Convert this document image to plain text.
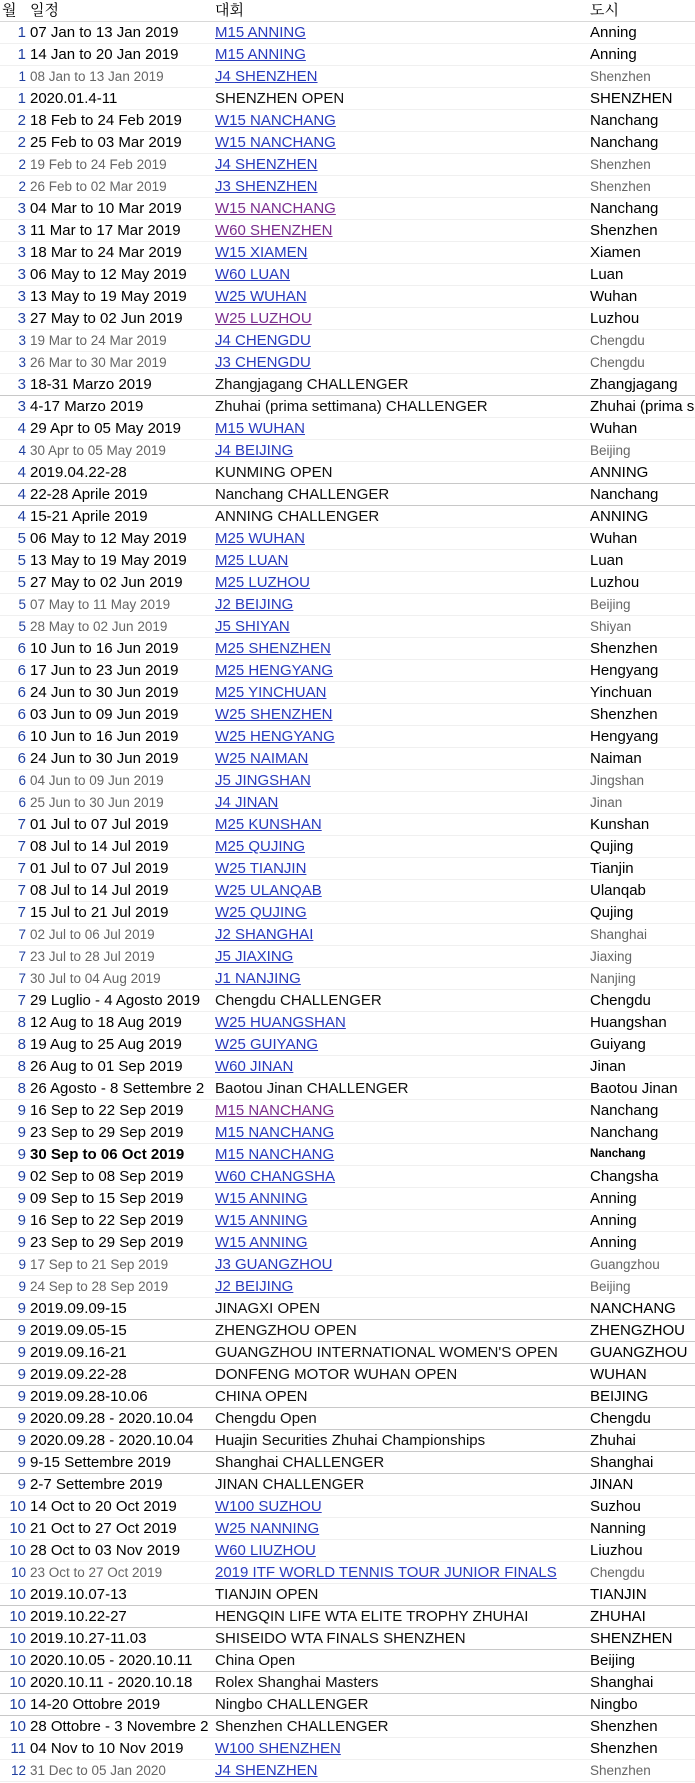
월	일정	대회	도시
1	07 Jan to 13 Jan 2019	M15 ANNING	Anning
1	14 Jan to 20 Jan 2019	M15 ANNING	Anning
1	08 Jan to 13 Jan 2019	J4 SHENZHEN	Shenzhen
1	2020.01.4-11	SHENZHEN OPEN	SHENZHEN
2	18 Feb to 24 Feb 2019	W15 NANCHANG	Nanchang
2	25 Feb to 03 Mar 2019	W15 NANCHANG	Nanchang
2	19 Feb to 24 Feb 2019	J4 SHENZHEN	Shenzhen
2	26 Feb to 02 Mar 2019	J3 SHENZHEN	Shenzhen
3	04 Mar to 10 Mar 2019	W15 NANCHANG	Nanchang
3	11 Mar to 17 Mar 2019	W60 SHENZHEN	Shenzhen
3	18 Mar to 24 Mar 2019	W15 XIAMEN	Xiamen
3	06 May to 12 May 2019	W60 LUAN	Luan
3	13 May to 19 May 2019	W25 WUHAN	Wuhan
3	27 May to 02 Jun 2019	W25 LUZHOU	Luzhou
3	19 Mar to 24 Mar 2019	J4 CHENGDU	Chengdu
3	26 Mar to 30 Mar 2019	J3 CHENGDU	Chengdu
3	18-31 Marzo 2019	Zhangjagang CHALLENGER	Zhangjagang
3	4-17 Marzo 2019	Zhuhai (prima settimana) CHALLENGER	Zhuhai (prima s
4	29 Apr to 05 May 2019	M15 WUHAN	Wuhan
4	30 Apr to 05 May 2019	J4 BEIJING	Beijing
4	2019.04.22-28	KUNMING OPEN	ANNING
4	22-28 Aprile 2019	Nanchang CHALLENGER	Nanchang
4	15-21 Aprile 2019	ANNING CHALLENGER	ANNING
5	06 May to 12 May 2019	M25 WUHAN	Wuhan
5	13 May to 19 May 2019	M25 LUAN	Luan
5	27 May to 02 Jun 2019	M25 LUZHOU	Luzhou
5	07 May to 11 May 2019	J2 BEIJING	Beijing
5	28 May to 02 Jun 2019	J5 SHIYAN	Shiyan
6	10 Jun to 16 Jun 2019	M25 SHENZHEN	Shenzhen
6	17 Jun to 23 Jun 2019	M25 HENGYANG	Hengyang
6	24 Jun to 30 Jun 2019	M25 YINCHUAN	Yinchuan
6	03 Jun to 09 Jun 2019	W25 SHENZHEN	Shenzhen
6	10 Jun to 16 Jun 2019	W25 HENGYANG	Hengyang
6	24 Jun to 30 Jun 2019	W25 NAIMAN	Naiman
6	04 Jun to 09 Jun 2019	J5 JINGSHAN	Jingshan
6	25 Jun to 30 Jun 2019	J4 JINAN	Jinan
7	01 Jul to 07 Jul 2019	M25 KUNSHAN	Kunshan
7	08 Jul to 14 Jul 2019	M25 QUJING	Qujing
7	01 Jul to 07 Jul 2019	W25 TIANJIN	Tianjin
7	08 Jul to 14 Jul 2019	W25 ULANQAB	Ulanqab
7	15 Jul to 21 Jul 2019	W25 QUJING	Qujing
7	02 Jul to 06 Jul 2019	J2 SHANGHAI	Shanghai
7	23 Jul to 28 Jul 2019	J5 JIAXING	Jiaxing
7	30 Jul to 04 Aug 2019	J1 NANJING	Nanjing
7	29 Luglio - 4 Agosto 2019	Chengdu CHALLENGER	Chengdu
8	12 Aug to 18 Aug 2019	W25 HUANGSHAN	Huangshan
8	19 Aug to 25 Aug 2019	W25 GUIYANG	Guiyang
8	26 Aug to 01 Sep 2019	W60 JINAN	Jinan
8	26 Agosto - 8 Settembre 2	Baotou Jinan CHALLENGER	Baotou Jinan
9	16 Sep to 22 Sep 2019	M15 NANCHANG	Nanchang
9	23 Sep to 29 Sep 2019	M15 NANCHANG	Nanchang
9	30 Sep to 06 Oct 2019	M15 NANCHANG	Nanchang
9	02 Sep to 08 Sep 2019	W60 CHANGSHA	Changsha
9	09 Sep to 15 Sep 2019	W15 ANNING	Anning
9	16 Sep to 22 Sep 2019	W15 ANNING	Anning
9	23 Sep to 29 Sep 2019	W15 ANNING	Anning
9	17 Sep to 21 Sep 2019	J3 GUANGZHOU	Guangzhou
9	24 Sep to 28 Sep 2019	J2 BEIJING	Beijing
9	2019.09.09-15	JINAGXI OPEN	NANCHANG
9	2019.09.05-15	ZHENGZHOU OPEN	ZHENGZHOU
9	2019.09.16-21	GUANGZHOU INTERNATIONAL WOMEN'S OPEN	GUANGZHOU
9	2019.09.22-28	DONFENG MOTOR WUHAN OPEN	WUHAN
9	2019.09.28-10.06	CHINA OPEN	BEIJING
9	2020.09.28 - 2020.10.04	Chengdu Open	Chengdu
9	2020.09.28 - 2020.10.04	Huajin Securities Zhuhai Championships	Zhuhai
9	9-15 Settembre 2019	Shanghai CHALLENGER	Shanghai
9	2-7 Settembre 2019	JINAN CHALLENGER	JINAN
10	14 Oct to 20 Oct 2019	W100 SUZHOU	Suzhou
10	21 Oct to 27 Oct 2019	W25 NANNING	Nanning
10	28 Oct to 03 Nov 2019	W60 LIUZHOU	Liuzhou
10	23 Oct to 27 Oct 2019	2019 ITF WORLD TENNIS TOUR JUNIOR FINALS	Chengdu
10	2019.10.07-13	TIANJIN OPEN	TIANJIN
10	2019.10.22-27	HENGQIN LIFE WTA ELITE TROPHY ZHUHAI	ZHUHAI
10	2019.10.27-11.03	SHISEIDO WTA FINALS SHENZHEN	SHENZHEN
10	2020.10.05 - 2020.10.11	China Open	Beijing
10	2020.10.11 - 2020.10.18	Rolex Shanghai Masters	Shanghai
10	14-20 Ottobre 2019	Ningbo CHALLENGER	Ningbo
10	28 Ottobre - 3 Novembre 2	Shenzhen CHALLENGER	Shenzhen
11	04 Nov to 10 Nov 2019	W100 SHENZHEN	Shenzhen
12	31 Dec to 05 Jan 2020	J4 SHENZHEN	Shenzhen
